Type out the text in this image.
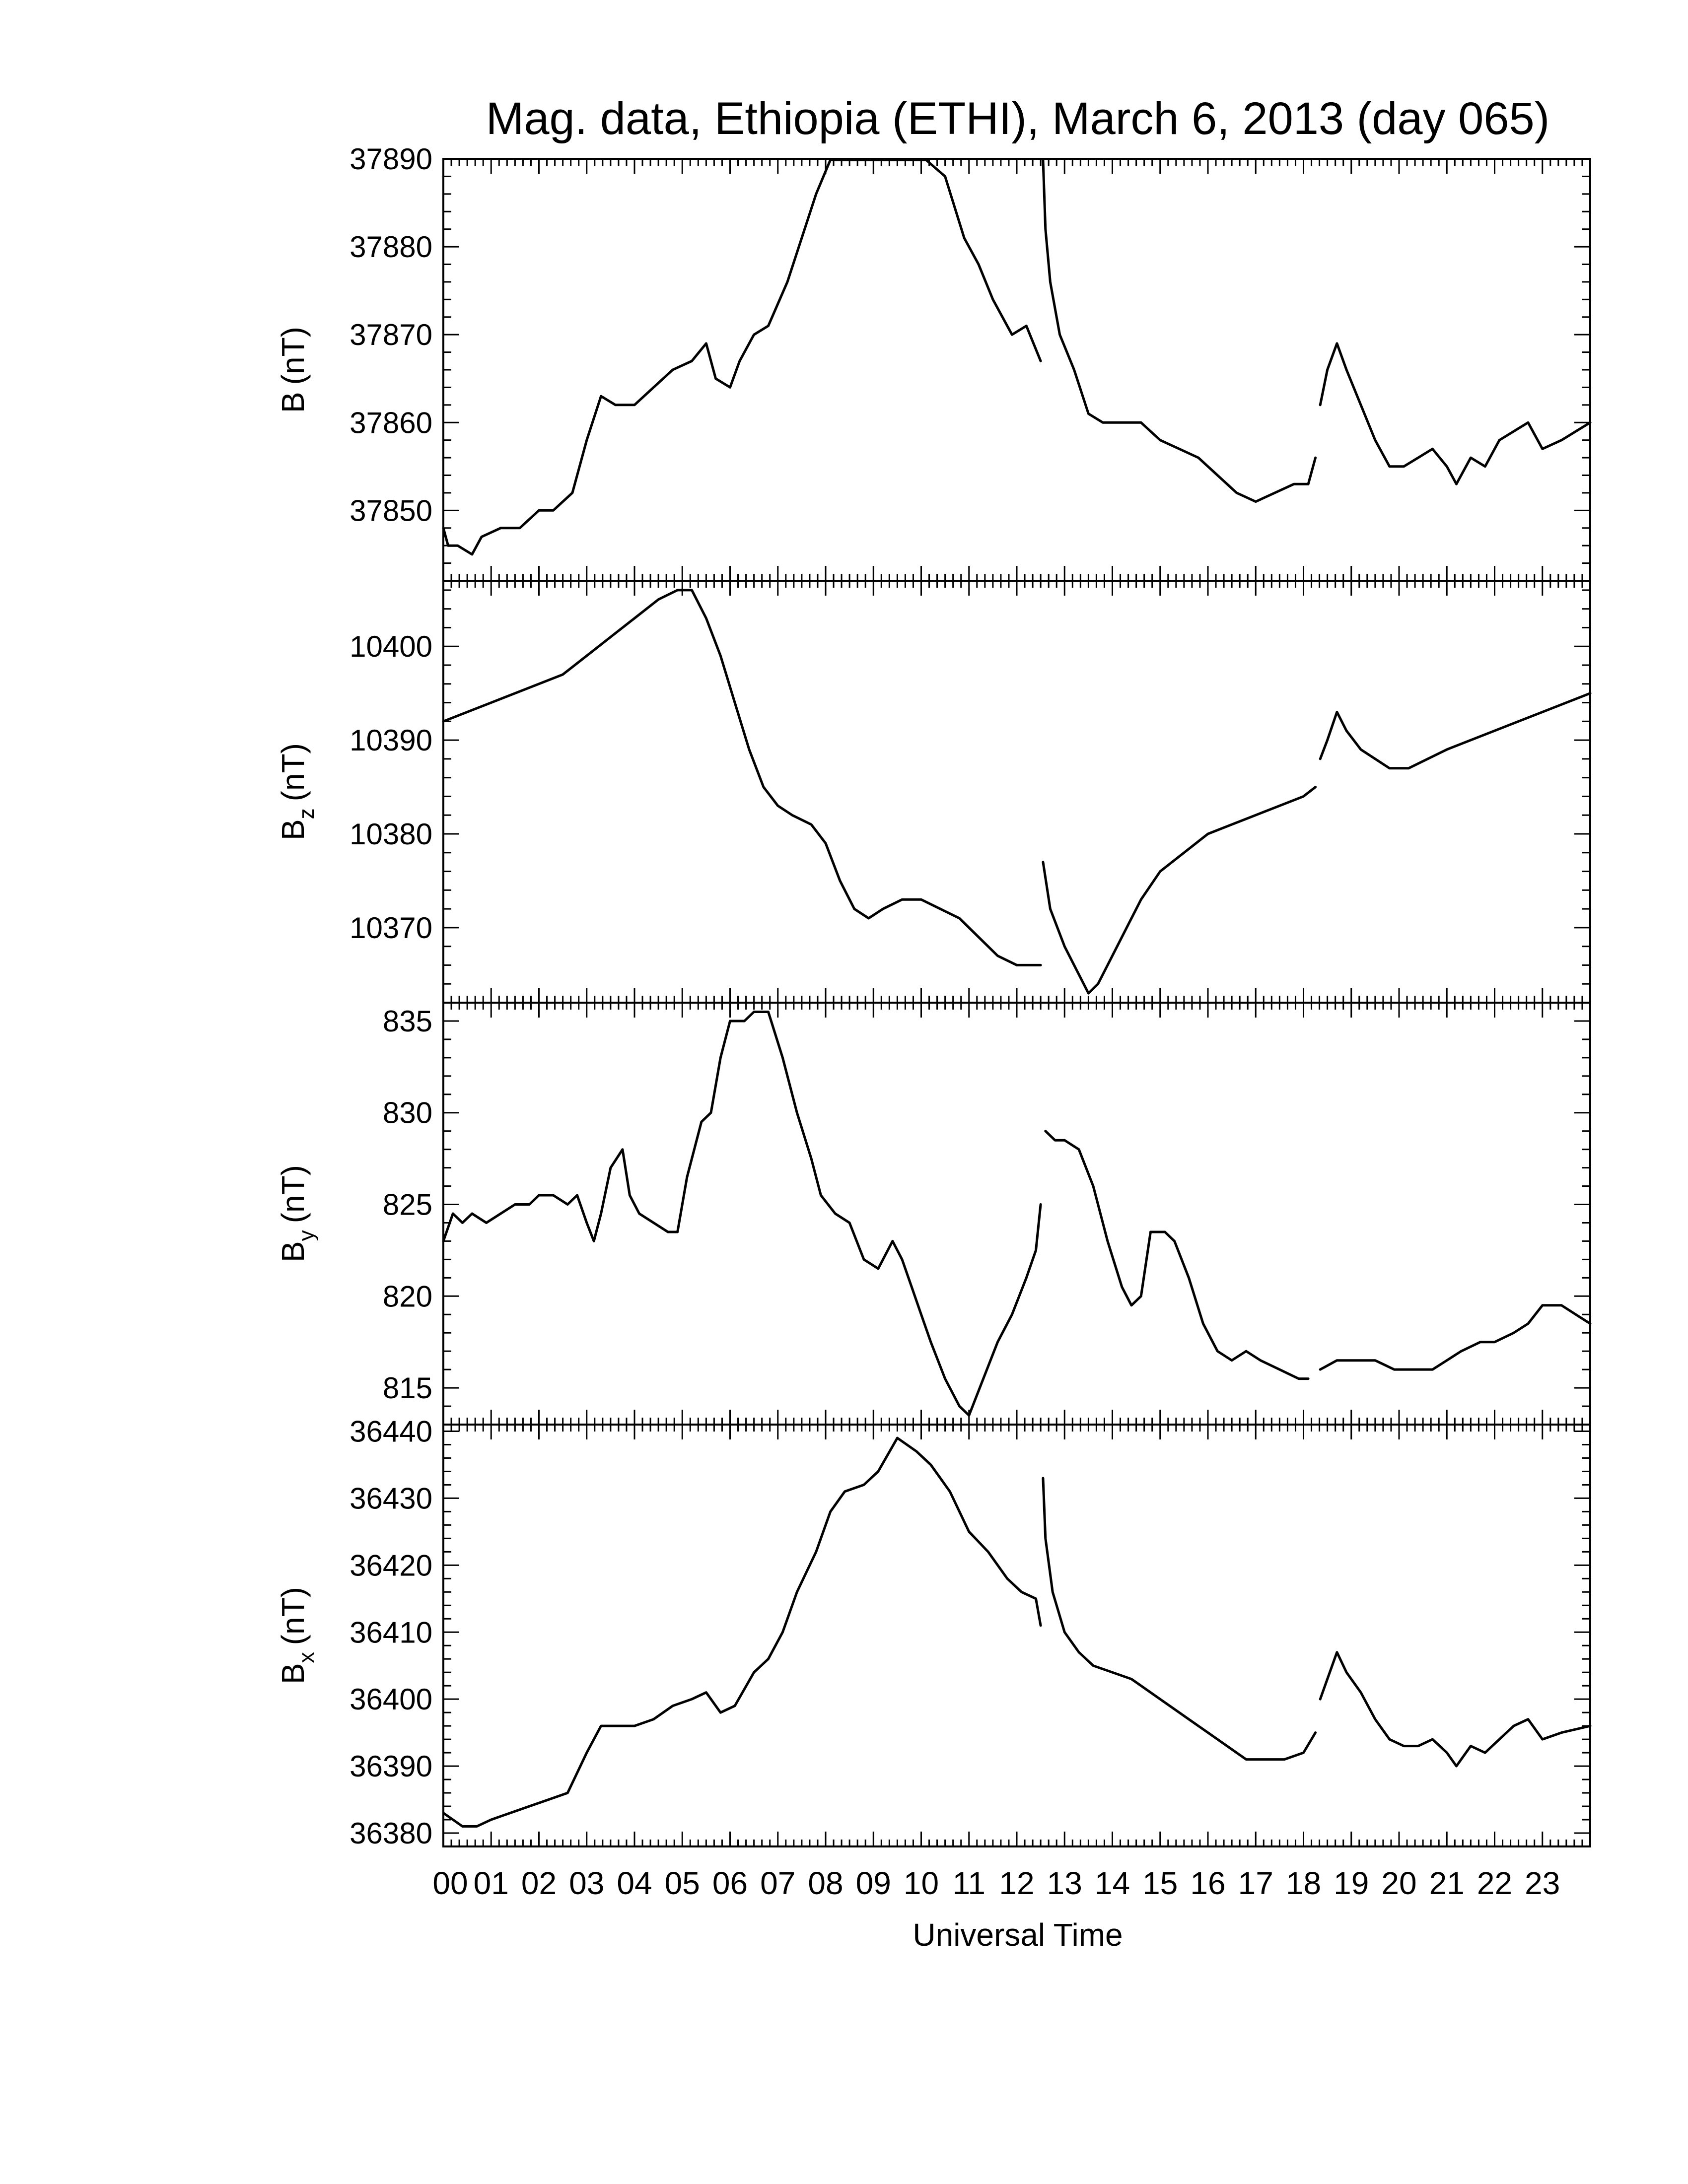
Mag. data, Ethiopia (ETHI), March 6, 2013 (day 065)
37850
37860
37870
37880
37890
B(nT)
10370
10380
10390
10400
$B_z(nT)$
815
820
825
830
835
$B_y(nT)$
36380
36390
36400
36410
36420
36430
36440
$B_x(nT)$
00 01 02 03 04 05 06 07 08 09 10 11 12 13 14 15 16 17 18 19 20 21 22 23
Universal Time
